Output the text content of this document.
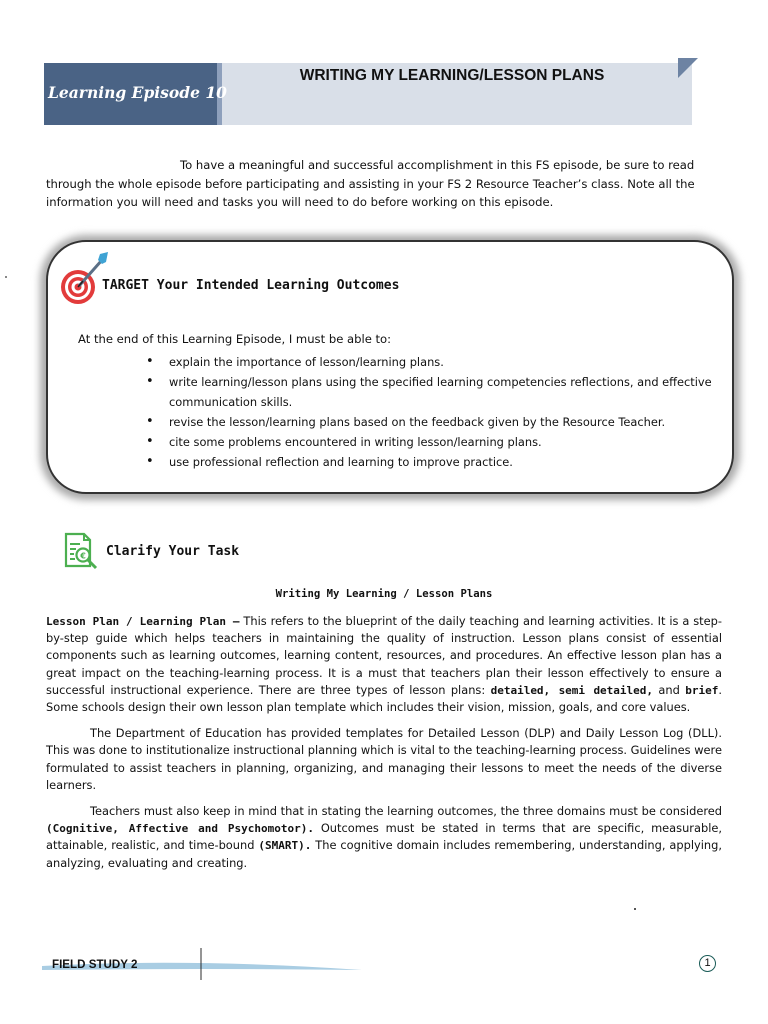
Learning Episode 10
WRITING MY LEARNING/LESSON PLANS
To have a meaningful and successful accomplishment in this FS episode, be sure to read
through the whole episode before participating and assisting in your FS 2 Resource Teacher’s class. Note all the information you will need and tasks you will need to do before working on this episode.
TARGET Your Intended Learning Outcomes
At the end of this Learning Episode, I must be able to:
• explain the importance of lesson/learning plans.
• write learning/lesson plans using the specified learning competencies reflections, and effective communication skills.
• revise the lesson/learning plans based on the feedback given by the Resource Teacher.
• cite some problems encountered in writing lesson/learning plans.
• use professional reflection and learning to improve practice.
€ Clarify Your Task
Writing My Learning / Lesson Plans

Lesson Plan / Learning Plan – This refers to the blueprint of the daily teaching and learning activities. It is a step-by-step guide which helps teachers in maintaining the quality of instruction. Lesson plans consist of essential components such as learning outcomes, learning content, resources, and procedures. An effective lesson plan has a great impact on the teaching-learning process. It is a must that teachers plan their lesson effectively to ensure a successful instructional experience. There are three types of lesson plans: detailed, semi detailed, and brief. Some schools design their own lesson plan template which includes their vision, mission, goals, and core values.

The Department of Education has provided templates for Detailed Lesson (DLP) and Daily Lesson Log (DLL). This was done to institutionalize instructional planning which is vital to the teaching-learning process. Guidelines were formulated to assist teachers in planning, organizing, and managing their lessons to meet the needs of the diverse learners.

Teachers must also keep in mind that in stating the learning outcomes, the three domains must be considered (Cognitive, Affective and Psychomotor). Outcomes must be stated in terms that are specific, measurable, attainable, realistic, and time-bound (SMART). The cognitive domain includes remembering, understanding, applying, analyzing, evaluating and creating.

FIELD STUDY 2	1
